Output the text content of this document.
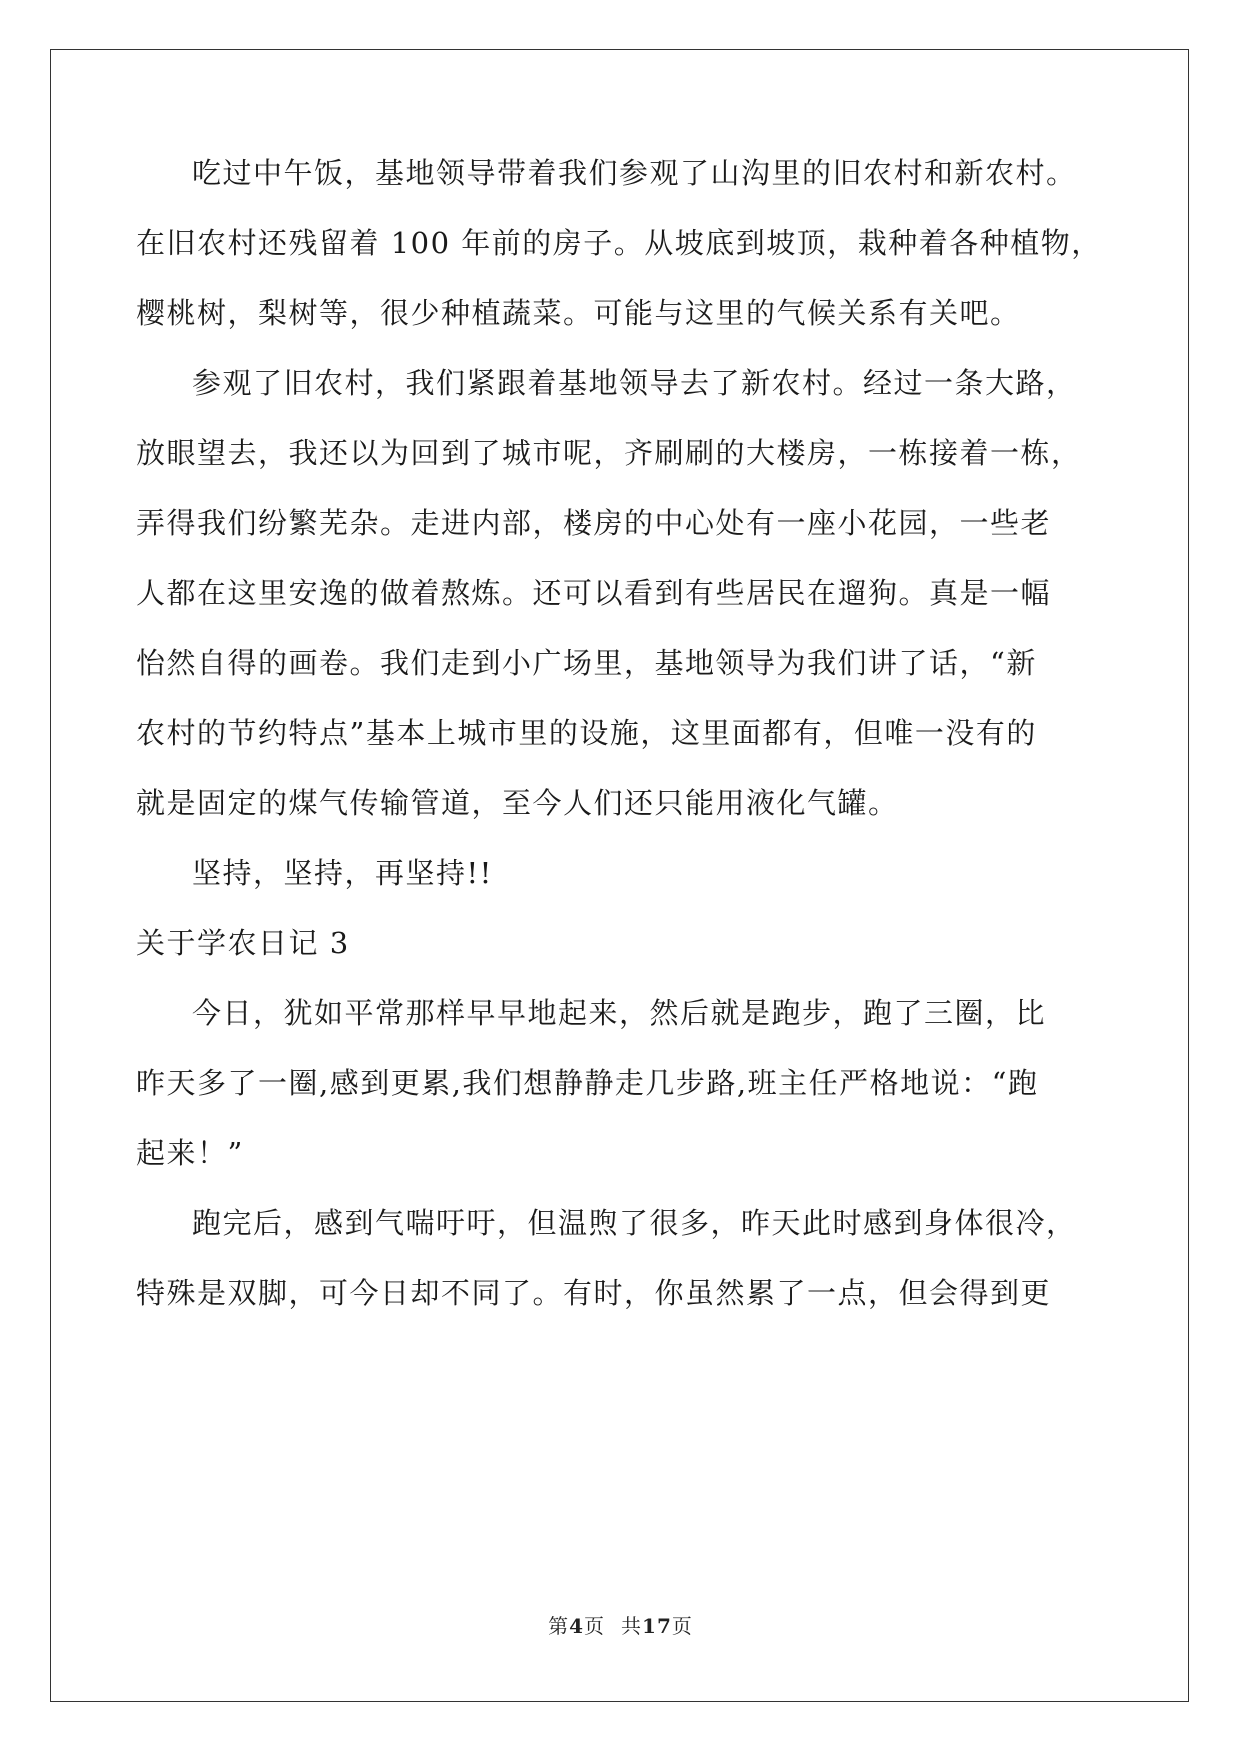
吃过中午饭，基地领导带着我们参观了山沟里的旧农村和新农村。
在旧农村还残留着 100 年前的房子。从坡底到坡顶，栽种着各种植物，
樱桃树，梨树等，很少种植蔬菜。可能与这里的气候关系有关吧。
参观了旧农村，我们紧跟着基地领导去了新农村。经过一条大路，
放眼望去，我还以为回到了城市呢，齐刷刷的大楼房，一栋接着一栋，
弄得我们纷繁芜杂。走进内部，楼房的中心处有一座小花园，一些老
人都在这里安逸的做着熬炼。还可以看到有些居民在遛狗。真是一幅
怡然自得的画卷。我们走到小广场里，基地领导为我们讲了话，“新
农村的节约特点”基本上城市里的设施，这里面都有，但唯一没有的
就是固定的煤气传输管道，至今人们还只能用液化气罐。
坚持，坚持，再坚持!!
关于学农日记 3
今日，犹如平常那样早早地起来，然后就是跑步，跑了三圈，比
昨天多了一圈,感到更累,我们想静静走几步路,班主任严格地说：“跑
起来！”
跑完后，感到气喘吁吁，但温煦了很多，昨天此时感到身体很冷，
特殊是双脚，可今日却不同了。有时，你虽然累了一点，但会得到更
第4页 共17页
